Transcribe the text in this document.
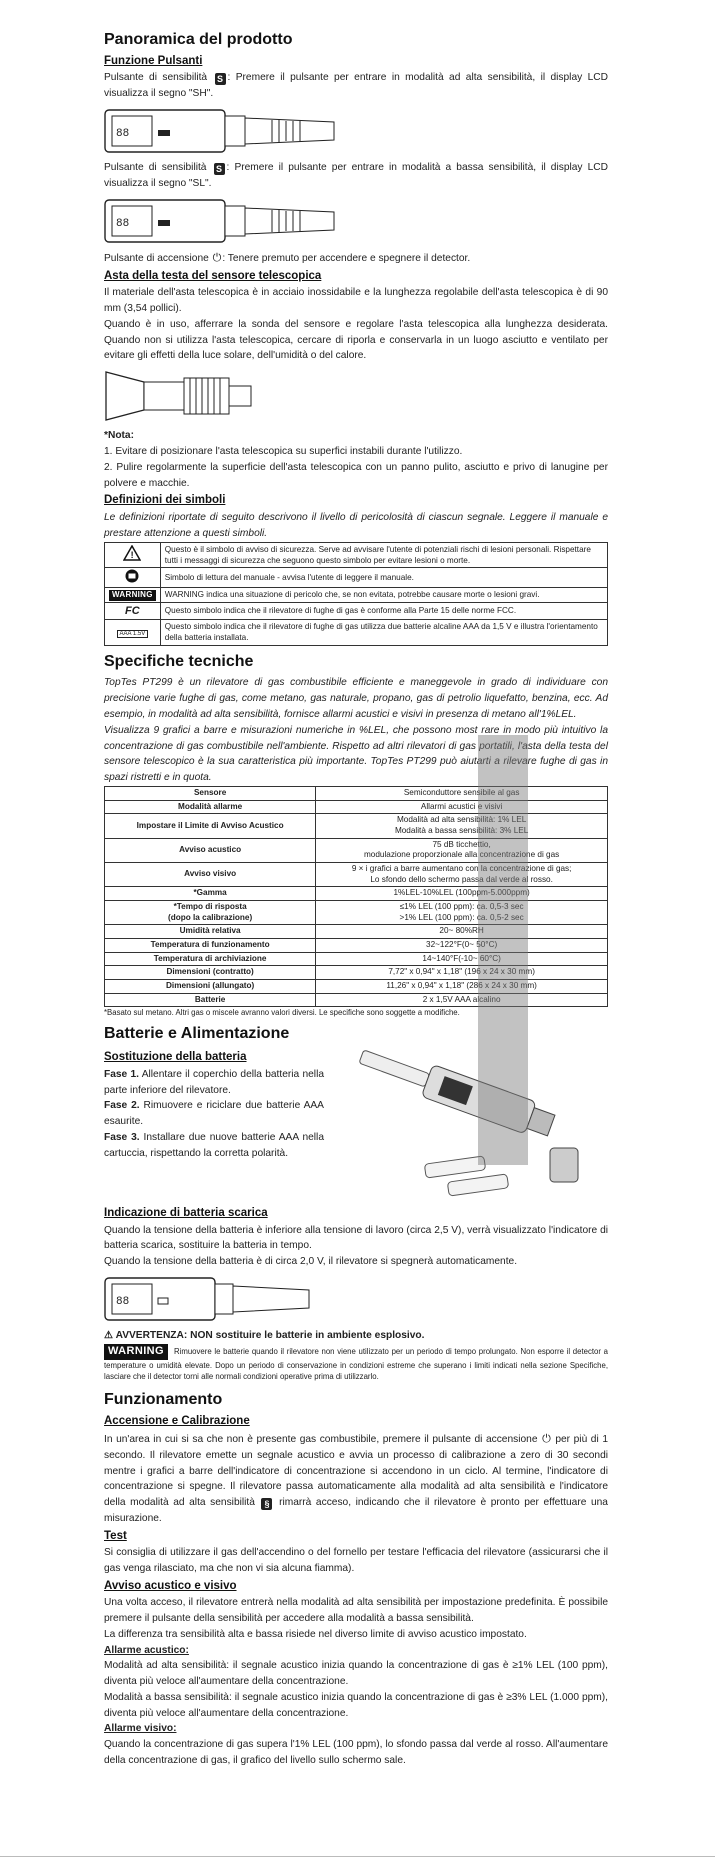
Panoramica del prodotto
Funzione Pulsanti

Pulsante di sensibilità S : Premere il pulsante per entrare in modalità ad alta sensibilità, il display LCD visualizza il segno "SH".

88

Pulsante di sensibilità S : Premere il pulsante per entrare in modalità a bassa sensibilità, il display LCD visualizza il segno "SL".

88

Pulsante di accensione ⏻: Tenere premuto per accendere e spegnere il detector.

Asta della testa del sensore telescopica

Il materiale dell'asta telescopica è in acciaio inossidabile e la lunghezza regolabile dell'asta telescopica è di 90 mm (3,54 pollici).

Quando è in uso, afferrare la sonda del sensore e regolare l'asta telescopica alla lunghezza desiderata. Quando non si utilizza l'asta telescopica, cercare di riporla e conservarla in un luogo asciutto e ventilato per evitare gli effetti della luce solare, dell'umidità o del calore.

*Nota:

1. Evitare di posizionare l'asta telescopica su superfici instabili durante l'utilizzo.

2. Pulire regolarmente la superficie dell'asta telescopica con un panno pulito, asciutto e privo di lanugine per polvere e macchie.

Definizioni dei simboli

Le definizioni riportate di seguito descrivono il livello di pericolosità di ciascun segnale. Leggere il manuale e prestare attenzione a questi simboli.

!	Questo è il simbolo di avviso di sicurezza. Serve ad avvisare l'utente di potenziali rischi di lesioni personali. Rispettare tutti i messaggi di sicurezza che seguono questo simbolo per evitare lesioni o morte.
	Simbolo di lettura del manuale - avvisa l'utente di leggere il manuale.
WARNING	WARNING indica una situazione di pericolo che, se non evitata, potrebbe causare morte o lesioni gravi.
FC	Questo simbolo indica che il rilevatore di fughe di gas è conforme alla Parte 15 delle norme FCC.
AAA 1.5V	Questo simbolo indica che il rilevatore di fughe di gas utilizza due batterie alcaline AAA da 1,5 V e illustra l'orientamento della batteria installata.
Specifiche tecniche

TopTes PT299 è un rilevatore di gas combustibile efficiente e maneggevole in grado di individuare con precisione varie fughe di gas, come metano, gas naturale, propano, gas di petrolio liquefatto, benzina, ecc. Ad esempio, in modalità ad alta sensibilità, fornisce allarmi acustici e visivi in presenza di metano all'1%LEL.

Visualizza 9 grafici a barre e misurazioni numeriche in %LEL, che possono most rare in modo più intuitivo la concentrazione di gas combustibile nell'ambiente. Rispetto ad altri rilevatori di gas portatili, l'asta della testa del sensore telescopico è la sua caratteristica più importante. TopTes PT299 può aiutarti a rilevare fughe di gas in spazi ristretti e in quota.

Sensore	Semiconduttore sensibile al gas
Modalità allarme	Allarmi acustici e visivi
Impostare il Limite di Avviso Acustico	Modalità ad alta sensibilità: 1% LEL
Modalità a bassa sensibilità: 3% LEL
Avviso acustico	75 dB ticchettio,
modulazione proporzionale alla concentrazione di gas
Avviso visivo	9 × i grafici a barre aumentano con la concentrazione di gas;
Lo sfondo dello schermo passa dal verde al rosso.
*Gamma	1%LEL-10%LEL (100ppm-5.000ppm)
*Tempo di risposta
(dopo la calibrazione)	≤1% LEL (100 ppm): ca. 0,5-3 sec
>1% LEL (100 ppm): ca. 0,5-2 sec
Umidità relativa	20~ 80%RH
Temperatura di funzionamento	32~122°F(0~ 50°C)
Temperatura di archiviazione	14~140°F(-10~ 60°C)
Dimensioni (contratto)	7,72" x 0,94" x 1,18" (196 x 24 x 30 mm)
Dimensioni (allungato)	11,26" x 0,94" x 1,18" (286 x 24 x 30 mm)
Batterie	2 x 1,5V AAA alcalino

*Basato sul metano. Altri gas o miscele avranno valori diversi. Le specifiche sono soggette a modifiche.

Batterie e Alimentazione
Sostituzione della batteria

Fase 1. Allentare il coperchio della batteria nella parte inferiore del rilevatore.

Fase 2. Rimuovere e riciclare due batterie AAA esaurite.

Fase 3. Installare due nuove batterie AAA nella cartuccia, rispettando la corretta polarità.

Indicazione di batteria scarica

Quando la tensione della batteria è inferiore alla tensione di lavoro (circa 2,5 V), verrà visualizzato l'indicatore di batteria scarica, sostituire la batteria in tempo.

Quando la tensione della batteria è di circa 2,0 V, il rilevatore si spegnerà automaticamente.

88

⚠ AVVERTENZA: NON sostituire le batterie in ambiente esplosivo.

WARNING Rimuovere le batterie quando il rilevatore non viene utilizzato per un periodo di tempo prolungato. Non esporre il detector a temperature o umidità elevate. Dopo un periodo di conservazione in condizioni estreme che superano i limiti indicati nella sezione Specifiche, lasciare che il detector torni alle normali condizioni operative prima di utilizzarlo.

Funzionamento
Accensione e Calibrazione

In un'area in cui si sa che non è presente gas combustibile, premere il pulsante di accensione ⏻ per più di 1 secondo. Il rilevatore emette un segnale acustico e avvia un processo di calibrazione a zero di 30 secondi mentre i grafici a barre dell'indicatore di concentrazione si accendono in un ciclo. Al termine, l'indicatore di concentrazione si spegne. Il rilevatore passa automaticamente alla modalità ad alta sensibilità e l'indicatore della modalità ad alta sensibilità § rimarrà acceso, indicando che il rilevatore è pronto per effettuare una misurazione.

Test

Si consiglia di utilizzare il gas dell'accendino o del fornello per testare l'efficacia del rilevatore (assicurarsi che il gas venga rilasciato, ma che non vi sia alcuna fiamma).

Avviso acustico e visivo

Una volta acceso, il rilevatore entrerà nella modalità ad alta sensibilità per impostazione predefinita. È possibile premere il pulsante della sensibilità per accedere alla modalità a bassa sensibilità.

La differenza tra sensibilità alta e bassa risiede nel diverso limite di avviso acustico impostato.

Allarme acustico:

Modalità ad alta sensibilità: il segnale acustico inizia quando la concentrazione di gas è ≥1% LEL (100 ppm), diventa più veloce all'aumentare della concentrazione.

Modalità a bassa sensibilità: il segnale acustico inizia quando la concentrazione di gas è ≥3% LEL (1.000 ppm), diventa più veloce all'aumentare della concentrazione.

Allarme visivo:

Quando la concentrazione di gas supera l'1% LEL (100 ppm), lo sfondo passa dal verde al rosso. All'aumentare della concentrazione di gas, il grafico del livello sullo schermo sale.
